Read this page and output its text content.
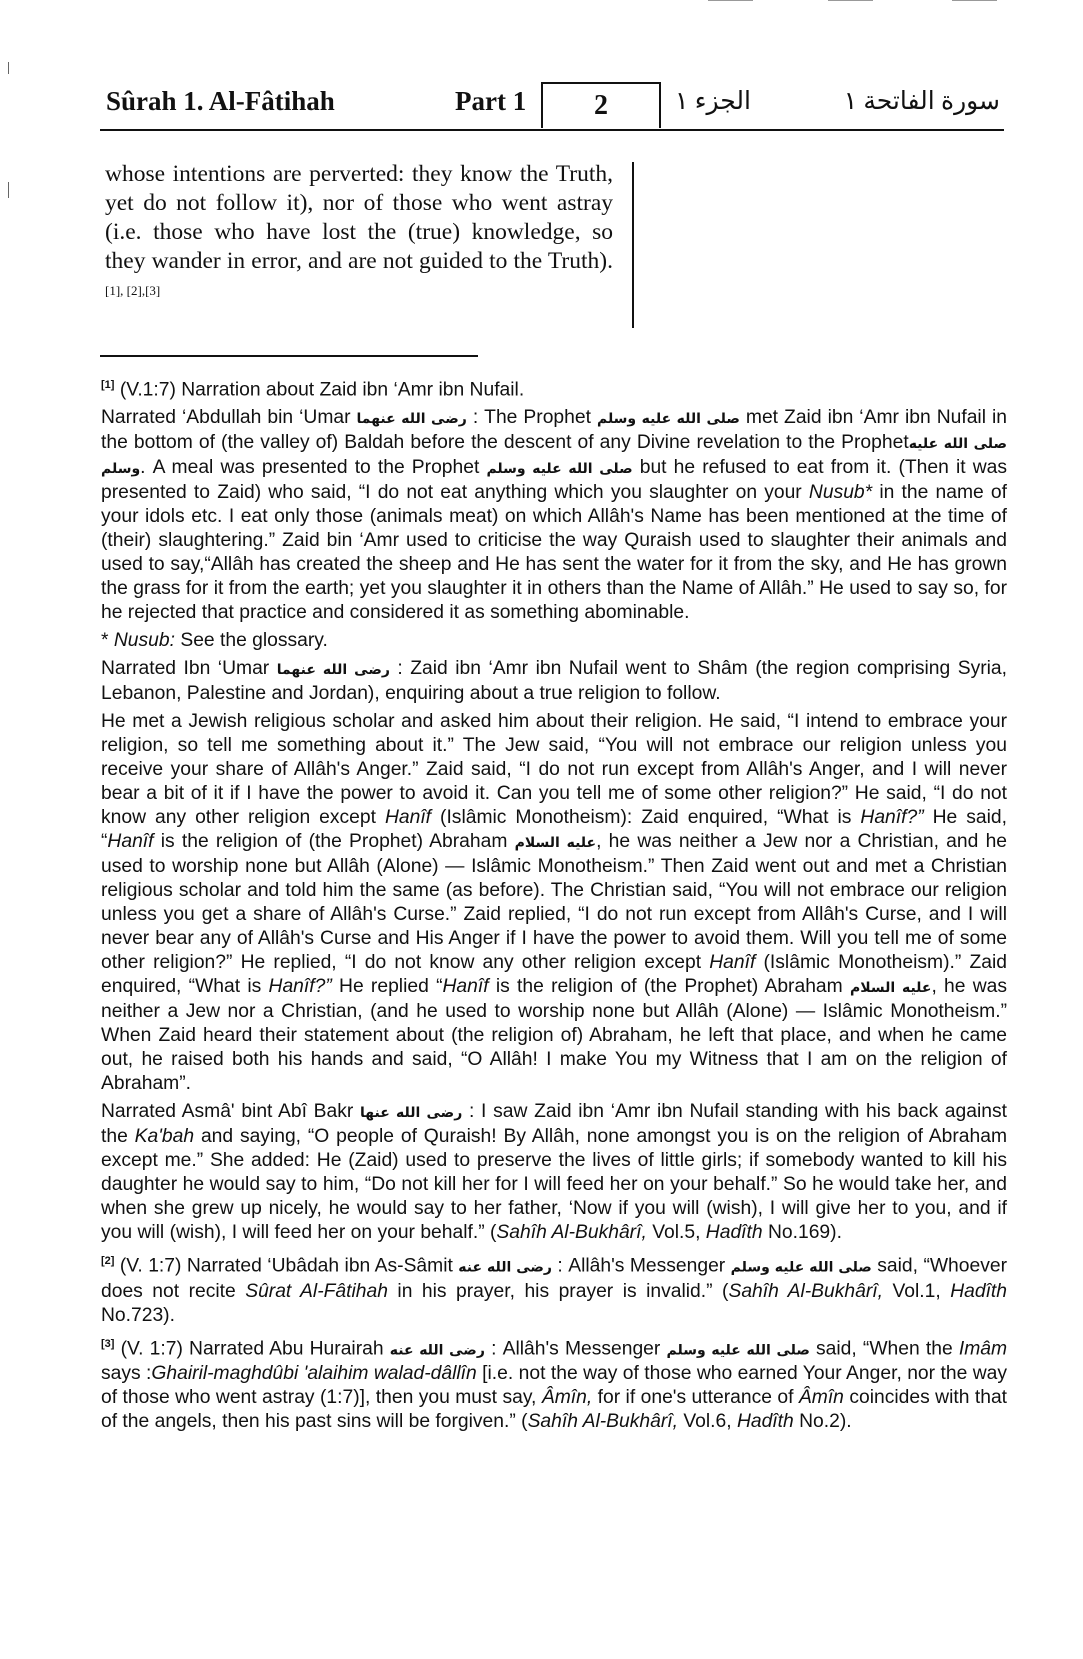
Sûrah 1. Al-Fâtihah	Part 1	2	الجزء ١	سورة الفاتحة ١
whose intentions are perverted: they know the Truth, yet do not follow it), nor of those who went astray (i.e. those who have lost the (true) knowledge, so they wander in error, and are not guided to the Truth).[1], [2],[3]

[1] (V.1:7) Narration about Zaid ibn ‘Amr ibn Nufail.

Narrated ‘Abdullah bin ‘Umar رضى الله عنهما : The Prophet صلى الله عليه وسلم met Zaid ibn ‘Amr ibn Nufail in the bottom of (the valley of) Baldah before the descent of any Divine revelation to the Prophetصلى الله عليه وسلم. A meal was presented to the Prophet صلى الله عليه وسلم but he refused to eat from it. (Then it was presented to Zaid) who said, “I do not eat anything which you slaughter on your Nusub* in the name of your idols etc. I eat only those (animals meat) on which Allâh's Name has been mentioned at the time of (their) slaughtering.” Zaid bin ‘Amr used to criticise the way Quraish used to slaughter their animals and used to say,“Allâh has created the sheep and He has sent the water for it from the sky, and He has grown the grass for it from the earth; yet you slaughter it in others than the Name of Allâh.” He used to say so, for he rejected that practice and considered it as something abominable.

* Nusub: See the glossary.

Narrated Ibn ‘Umar رضى الله عنهما : Zaid ibn ‘Amr ibn Nufail went to Shâm (the region comprising Syria, Lebanon, Palestine and Jordan), enquiring about a true religion to follow.

He met a Jewish religious scholar and asked him about their religion. He said, “I intend to embrace your religion, so tell me something about it.” The Jew said, “You will not embrace our religion unless you receive your share of Allâh's Anger.” Zaid said, “I do not run except from Allâh's Anger, and I will never bear a bit of it if I have the power to avoid it. Can you tell me of some other religion?” He said, “I do not know any other religion except Hanîf (Islâmic Monotheism): Zaid enquired, “What is Hanîf?” He said, “Hanîf is the religion of (the Prophet) Abraham عليه السلام, he was neither a Jew nor a Christian, and he used to worship none but Allâh (Alone) — Islâmic Monotheism.” Then Zaid went out and met a Christian religious scholar and told him the same (as before). The Christian said, “You will not embrace our religion unless you get a share of Allâh's Curse.” Zaid replied, “I do not run except from Allâh's Curse, and I will never bear any of Allâh's Curse and His Anger if I have the power to avoid them. Will you tell me of some other religion?” He replied, “I do not know any other religion except Hanîf (Islâmic Monotheism).” Zaid enquired, “What is Hanîf?” He replied “Hanîf is the religion of (the Prophet) Abraham عليه السلام, he was neither a Jew nor a Christian, (and he used to worship none but Allâh (Alone) — Islâmic Monotheism.” When Zaid heard their statement about (the religion of) Abraham, he left that place, and when he came out, he raised both his hands and said, “O Allâh! I make You my Witness that I am on the religion of Abraham”.

Narrated Asmâ' bint Abî Bakr رضى الله عنها : I saw Zaid ibn ‘Amr ibn Nufail standing with his back against the Ka'bah and saying, “O people of Quraish! By Allâh, none amongst you is on the religion of Abraham except me.” She added: He (Zaid) used to preserve the lives of little girls; if somebody wanted to kill his daughter he would say to him, “Do not kill her for I will feed her on your behalf.” So he would take her, and when she grew up nicely, he would say to her father, ‘Now if you will (wish), I will give her to you, and if you will (wish), I will feed her on your behalf.” (Sahîh Al-Bukhârî, Vol.5, Hadîth No.169).

[2] (V. 1:7) Narrated ‘Ubâdah ibn As-Sâmit رضى الله عنه : Allâh's Messenger صلى الله عليه وسلم said, “Whoever does not recite Sûrat Al-Fâtihah in his prayer, his prayer is invalid.” (Sahîh Al-Bukhârî, Vol.1, Hadîth No.723).

[3] (V. 1:7) Narrated Abu Hurairah رضى الله عنه : Allâh's Messenger صلى الله عليه وسلم said, “When the Imâm says :Ghairil-maghdûbi 'alaihim walad-dâllîn [i.e. not the way of those who earned Your Anger, nor the way of those who went astray (1:7)], then you must say, Âmîn, for if one's utterance of Âmîn coincides with that of the angels, then his past sins will be forgiven.” (Sahîh Al-Bukhârî, Vol.6, Hadîth No.2).
